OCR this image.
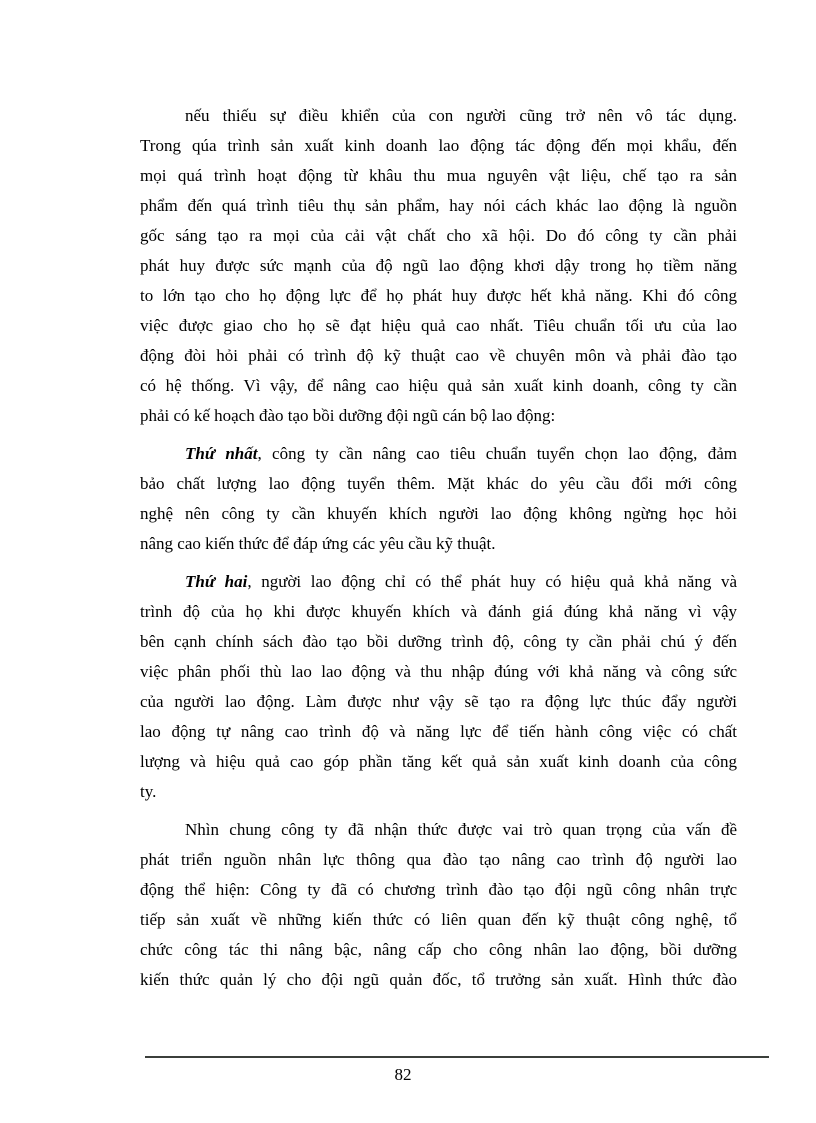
nếu thiếu sự điều khiển của con người cũng trở nên vô tác dụng.
Trong qúa trình sản xuất kinh doanh lao động tác động đến mọi khẩu, đến
mọi quá trình hoạt động từ khâu thu mua nguyên vật liệu, chế tạo ra sản
phẩm đến quá trình tiêu thụ sản phẩm, hay nói cách khác lao động là nguồn
gốc sáng tạo ra mọi của cải vật chất cho xã hội. Do đó công ty cần phải
phát huy được sức mạnh của độ ngũ lao động khơi dậy trong họ tiềm năng
to lớn tạo cho họ động lực để họ phát huy được hết khả năng. Khi đó công
việc được giao cho họ sẽ đạt hiệu quả cao nhất. Tiêu chuẩn tối ưu của lao
động đòi hỏi phải có trình độ kỹ thuật cao về chuyên môn và phải đào tạo
có hệ thống. Vì vậy, để nâng cao hiệu quả sản xuất kinh doanh, công ty cần
phải có kế hoạch đào tạo bồi dưỡng đội ngũ cán bộ lao động:
Thứ nhất, công ty cần nâng cao tiêu chuẩn tuyển chọn lao động, đảm
bảo chất lượng lao động tuyển thêm. Mặt khác do yêu cầu đổi mới công
nghệ nên công ty cần khuyến khích người lao động không ngừng học hỏi
nâng cao kiến thức để đáp ứng các yêu cầu kỹ thuật.
Thứ hai, người lao động chỉ có thể phát huy có hiệu quả khả năng và
trình độ của họ khi được khuyến khích và đánh giá đúng khả năng vì vậy
bên cạnh chính sách đào tạo bồi dưỡng trình độ, công ty cần phải chú ý đến
việc phân phối thù lao lao động và thu nhập đúng với khả năng và công sức
của người lao động. Làm được như vậy sẽ tạo ra động lực thúc đẩy người
lao động tự nâng cao trình độ và năng lực để tiến hành công việc có chất
lượng và hiệu quả cao góp phần tăng kết quả sản xuất kinh doanh của công
ty.
Nhìn chung công ty đã nhận thức được vai trò quan trọng của vấn đề
phát triển nguồn nhân lực thông qua đào tạo nâng cao trình độ người lao
động thể hiện: Công ty đã có chương trình đào tạo đội ngũ công nhân trực
tiếp sản xuất về những kiến thức có liên quan đến kỹ thuật công nghệ, tổ
chức công tác thi nâng bậc, nâng cấp cho công nhân lao động, bồi dưỡng
kiến thức quản lý cho đội ngũ quản đốc, tổ trưởng sản xuất. Hình thức đào
82
